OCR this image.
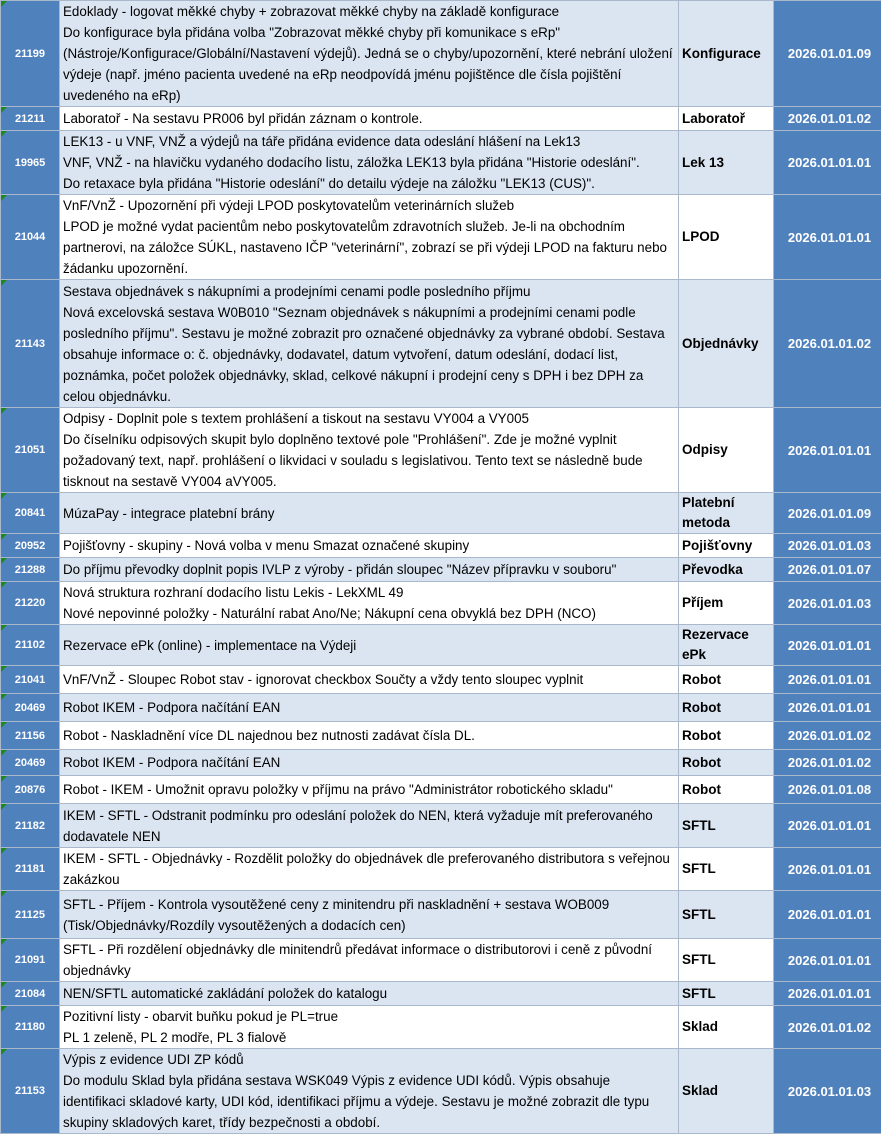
21199	Edoklady - logovat měkké chyby + zobrazovat měkké chyby na základě konfigurace
Do konfigurace byla přidána volba "Zobrazovat měkké chyby při komunikace s eRp" (Nástroje/Konfigurace/Globální/Nastavení výdejů). Jedná se o chyby/upozornění, které nebrání uložení výdeje (např. jméno pacienta uvedené na eRp neodpovídá jménu pojištěnce dle čísla pojištění uvedeného na eRp)	Konfigurace	2026.01.01.09
21211	Laboratoř - Na sestavu PR006 byl přidán záznam o kontrole.	Laboratoř	2026.01.01.02
19965	LEK13 - u VNF, VNŽ a výdejů na táře přidána evidence data odeslání hlášení na Lek13
VNF, VNŽ - na hlavičku vydaného dodacího listu, záložka LEK13 byla přidána "Historie odeslání".
Do retaxace byla přidána "Historie odeslání" do detailu výdeje na záložku "LEK13 (CUS)".	Lek 13	2026.01.01.01
21044	VnF/VnŽ - Upozornění při výdeji LPOD poskytovatelům veterinárních služeb
LPOD je možné vydat pacientům nebo poskytovatelům zdravotních služeb. Je-li na obchodním partnerovi, na záložce SÚKL, nastaveno IČP "veterinární", zobrazí se při výdeji LPOD na fakturu nebo žádanku upozornění.	LPOD	2026.01.01.01
21143	Sestava objednávek s nákupními a prodejními cenami podle posledního příjmu
Nová excelovská sestava W0B010 "Seznam objednávek s nákupními a prodejními cenami podle posledního příjmu". Sestavu je možné zobrazit pro označené objednávky za vybrané období. Sestava obsahuje informace o: č. objednávky, dodavatel, datum vytvoření, datum odeslání, dodací list, poznámka, počet položek objednávky, sklad, celkové nákupní i prodejní ceny s DPH i bez DPH za celou objednávku.	Objednávky	2026.01.01.02
21051	Odpisy - Doplnit pole s textem prohlášení a tiskout na sestavu VY004 a VY005
Do číselníku odpisových skupit bylo doplněno textové pole "Prohlášení". Zde je možné vyplnit požadovaný text, např. prohlášení o likvidaci v souladu s legislativou. Tento text se následně bude tisknout na sestavě VY004 aVY005.	Odpisy	2026.01.01.01
20841	MúzaPay - integrace platební brány	Platební metoda	2026.01.01.09
20952	Pojišťovny - skupiny - Nová volba v menu Smazat označené skupiny	Pojišťovny	2026.01.01.03
21288	Do příjmu převodky doplnit popis IVLP z výroby - přidán sloupec "Název přípravku v souboru"	Převodka	2026.01.01.07
21220	Nová struktura rozhraní dodacího listu Lekis - LekXML 49
Nové nepovinné položky - Naturální rabat Ano/Ne; Nákupní cena obvyklá bez DPH (NCO)	Příjem	2026.01.01.03
21102	Rezervace ePk (online) - implementace na Výdeji	Rezervace ePk	2026.01.01.01
21041	VnF/VnŽ - Sloupec Robot stav - ignorovat checkbox Součty a vždy tento sloupec vyplnit	Robot	2026.01.01.01
20469	Robot IKEM - Podpora načítání EAN	Robot	2026.01.01.01
21156	Robot - Naskladnění více DL najednou bez nutnosti zadávat čísla DL.	Robot	2026.01.01.02
20469	Robot IKEM - Podpora načítání EAN	Robot	2026.01.01.02
20876	Robot - IKEM - Umožnit opravu položky v příjmu na právo "Administrátor robotického skladu"	Robot	2026.01.01.08
21182	IKEM - SFTL - Odstranit podmínku pro odeslání položek do NEN, která vyžaduje mít preferovaného dodavatele NEN	SFTL	2026.01.01.01
21181	IKEM - SFTL - Objednávky - Rozdělit položky do objednávek dle preferovaného distributora s veřejnou zakázkou	SFTL	2026.01.01.01
21125	SFTL - Příjem - Kontrola vysoutěžené ceny z minitendru při naskladnění + sestava WOB009 (Tisk/Objednávky/Rozdíly vysoutěžených a dodacích cen)	SFTL	2026.01.01.01
21091	SFTL - Při rozdělení objednávky dle minitendrů předávat informace o distributorovi i ceně z původní objednávky	SFTL	2026.01.01.01
21084	NEN/SFTL automatické zakládání položek do katalogu	SFTL	2026.01.01.01
21180	Pozitivní listy - obarvit buňku pokud je PL=true
PL 1 zeleně, PL 2 modře, PL 3 fialově	Sklad	2026.01.01.02
21153	Výpis z evidence UDI ZP kódů
Do modulu Sklad byla přidána sestava WSK049 Výpis z evidence UDI kódů. Výpis obsahuje identifikaci skladové karty, UDI kód, identifikaci příjmu a výdeje. Sestavu je možné zobrazit dle typu skupiny skladových karet, třídy bezpečnosti a období.	Sklad	2026.01.01.03
